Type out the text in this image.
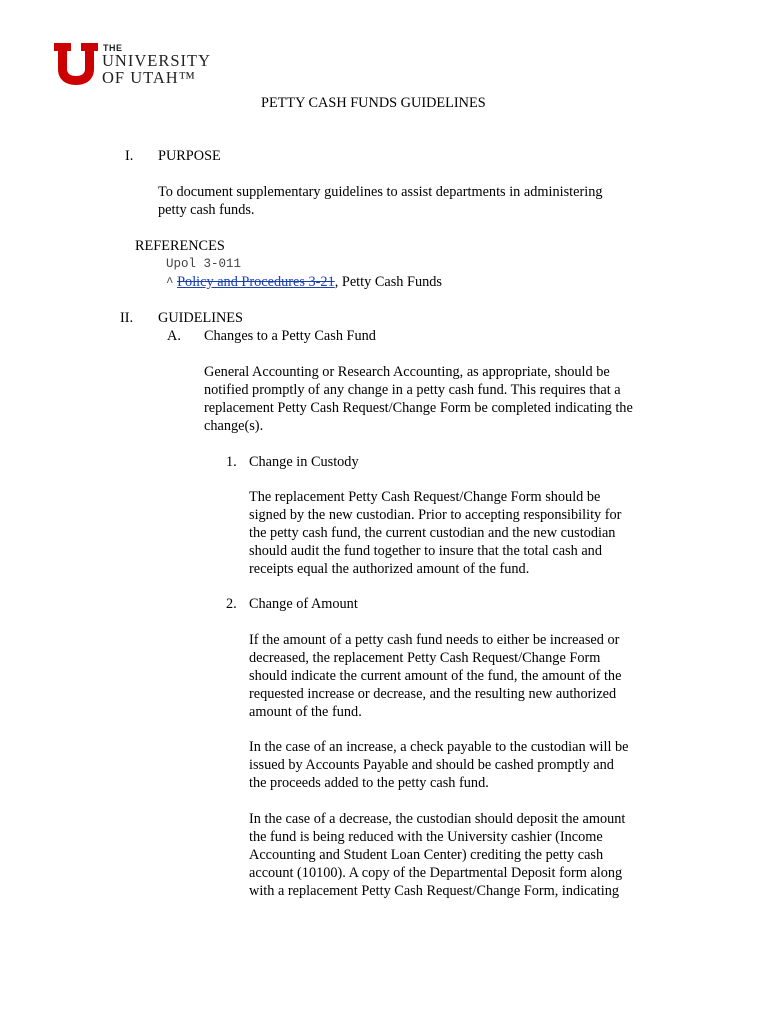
THE
UNIVERSITY
OF UTAH™
PETTY CASH FUNDS GUIDELINES
I. PURPOSE
To document supplementary guidelines to assist departments in administering
petty cash funds.
REFERENCES
Upol 3-011
^ Policy and Procedures 3-21, Petty Cash Funds
II. GUIDELINES
A. Changes to a Petty Cash Fund
General Accounting or Research Accounting, as appropriate, should be
notified promptly of any change in a petty cash fund. This requires that a
replacement Petty Cash Request/Change Form be completed indicating the
change(s).
1. Change in Custody
The replacement Petty Cash Request/Change Form should be
signed by the new custodian. Prior to accepting responsibility for
the petty cash fund, the current custodian and the new custodian
should audit the fund together to insure that the total cash and
receipts equal the authorized amount of the fund.
2. Change of Amount
If the amount of a petty cash fund needs to either be increased or
decreased, the replacement Petty Cash Request/Change Form
should indicate the current amount of the fund, the amount of the
requested increase or decrease, and the resulting new authorized
amount of the fund.
In the case of an increase, a check payable to the custodian will be
issued by Accounts Payable and should be cashed promptly and
the proceeds added to the petty cash fund.
In the case of a decrease, the custodian should deposit the amount
the fund is being reduced with the University cashier (Income
Accounting and Student Loan Center) crediting the petty cash
account (10100). A copy of the Departmental Deposit form along
with a replacement Petty Cash Request/Change Form, indicating
